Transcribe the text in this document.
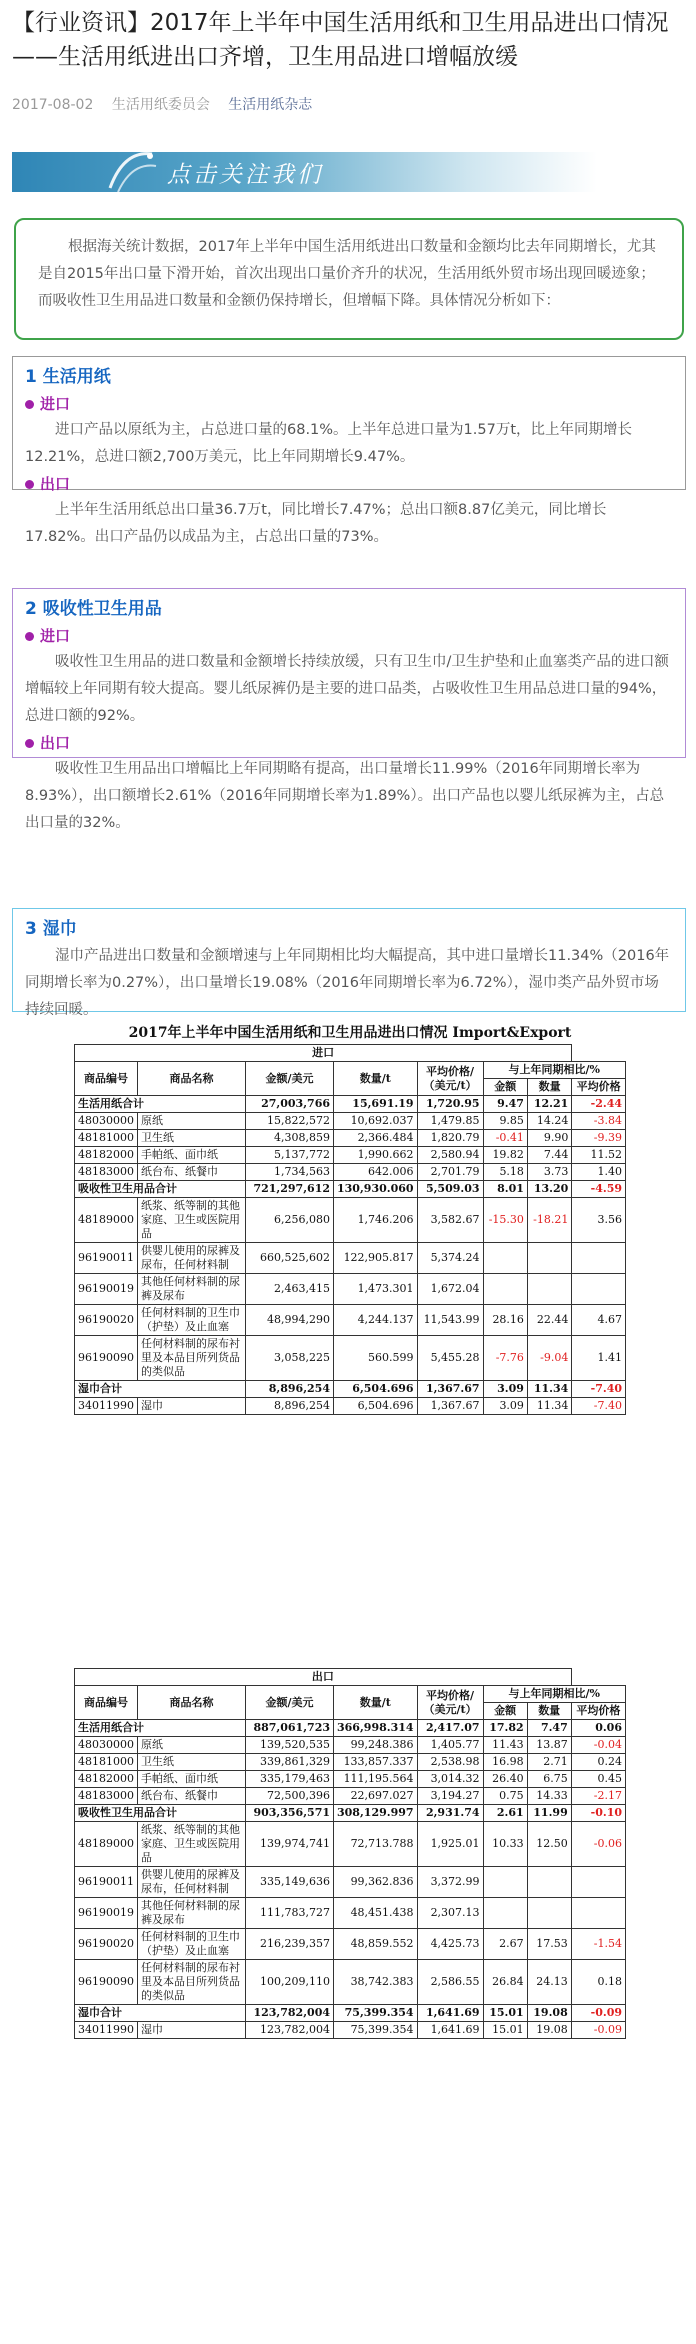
【行业资讯】2017年上半年中国生活用纸和卫生用品进出口情况——生活用纸进出口齐增，卫生用品进口增幅放缓
2017-08-02 生活用纸委员会 生活用纸杂志
点击关注我们
根据海关统计数据，2017年上半年中国生活用纸进出口数量和金额均比去年同期增长，尤其是自2015年出口量下滑开始，首次出现出口量价齐升的状况，生活用纸外贸市场出现回暖迹象；而吸收性卫生用品进口数量和金额仍保持增长，但增幅下降。具体情况分析如下：
1 生活用纸
进口

进口产品以原纸为主，占总进口量的68.1%。上半年总进口量为1.57万t，比上年同期增长12.21%，总进口额2,700万美元，比上年同期增长9.47%。

出口

上半年生活用纸总出口量36.7万t，同比增长7.47%；总出口额8.87亿美元，同比增长17.82%。出口产品仍以成品为主，占总出口量的73%。

2 吸收性卫生用品
进口

吸收性卫生用品的进口数量和金额增长持续放缓，只有卫生巾/卫生护垫和止血塞类产品的进口额增幅较上年同期有较大提高。婴儿纸尿裤仍是主要的进口品类，占吸收性卫生用品总进口量的94%，总进口额的92%。

出口

吸收性卫生用品出口增幅比上年同期略有提高，出口量增长11.99%（2016年同期增长率为8.93%），出口额增长2.61%（2016年同期增长率为1.89%）。出口产品也以婴儿纸尿裤为主，占总出口量的32%。

3 湿巾

湿巾产品进出口数量和金额增速与上年同期相比均大幅提高，其中进口量增长11.34%（2016年同期增长率为0.27%），出口量增长19.08%（2016年同期增长率为6.72%），湿巾类产品外贸市场持续回暖。

2017年上半年中国生活用纸和卫生用品进出口情况 Import&Export
进口							
商品编号	商品名称	金额/美元	数量/t	平均价格/（美元/t）	与上年同期相比/%		
					金额	数量	平均价格
生活用纸合计		27,003,766	15,691.19	1,720.95	9.47	12.21	-2.44
48030000	原纸	15,822,572	10,692.037	1,479.85	9.85	14.24	-3.84
48181000	卫生纸	4,308,859	2,366.484	1,820.79	-0.41	9.90	-9.39
48182000	手帕纸、面巾纸	5,137,772	1,990.662	2,580.94	19.82	7.44	11.52
48183000	纸台布、纸餐巾	1,734,563	642.006	2,701.79	5.18	3.73	1.40
吸收性卫生用品合计		721,297,612	130,930.060	5,509.03	8.01	13.20	-4.59
48189000	纸浆、纸等制的其他家庭、卫生或医院用品	6,256,080	1,746.206	3,582.67	-15.30	-18.21	3.56
96190011	供婴儿使用的尿裤及尿布，任何材料制	660,525,602	122,905.817	5,374.24			
96190019	其他任何材料制的尿裤及尿布	2,463,415	1,473.301	1,672.04			
96190020	任何材料制的卫生巾（护垫）及止血塞	48,994,290	4,244.137	11,543.99	28.16	22.44	4.67
96190090	任何材料制的尿布衬里及本品目所列货品的类似品	3,058,225	560.599	5,455.28	-7.76	-9.04	1.41
湿巾合计		8,896,254	6,504.696	1,367.67	3.09	11.34	-7.40
34011990	湿巾	8,896,254	6,504.696	1,367.67	3.09	11.34	-7.40
出口							
商品编号	商品名称	金额/美元	数量/t	平均价格/（美元/t）	与上年同期相比/%		
					金额	数量	平均价格
生活用纸合计		887,061,723	366,998.314	2,417.07	17.82	7.47	0.06
48030000	原纸	139,520,535	99,248.386	1,405.77	11.43	13.87	-0.04
48181000	卫生纸	339,861,329	133,857.337	2,538.98	16.98	2.71	0.24
48182000	手帕纸、面巾纸	335,179,463	111,195.564	3,014.32	26.40	6.75	0.45
48183000	纸台布、纸餐巾	72,500,396	22,697.027	3,194.27	0.75	14.33	-2.17
吸收性卫生用品合计		903,356,571	308,129.997	2,931.74	2.61	11.99	-0.10
48189000	纸浆、纸等制的其他家庭、卫生或医院用品	139,974,741	72,713.788	1,925.01	10.33	12.50	-0.06
96190011	供婴儿使用的尿裤及尿布，任何材料制	335,149,636	99,362.836	3,372.99			
96190019	其他任何材料制的尿裤及尿布	111,783,727	48,451.438	2,307.13			
96190020	任何材料制的卫生巾（护垫）及止血塞	216,239,357	48,859.552	4,425.73	2.67	17.53	-1.54
96190090	任何材料制的尿布衬里及本品目所列货品的类似品	100,209,110	38,742.383	2,586.55	26.84	24.13	0.18
湿巾合计		123,782,004	75,399.354	1,641.69	15.01	19.08	-0.09
34011990	湿巾	123,782,004	75,399.354	1,641.69	15.01	19.08	-0.09
